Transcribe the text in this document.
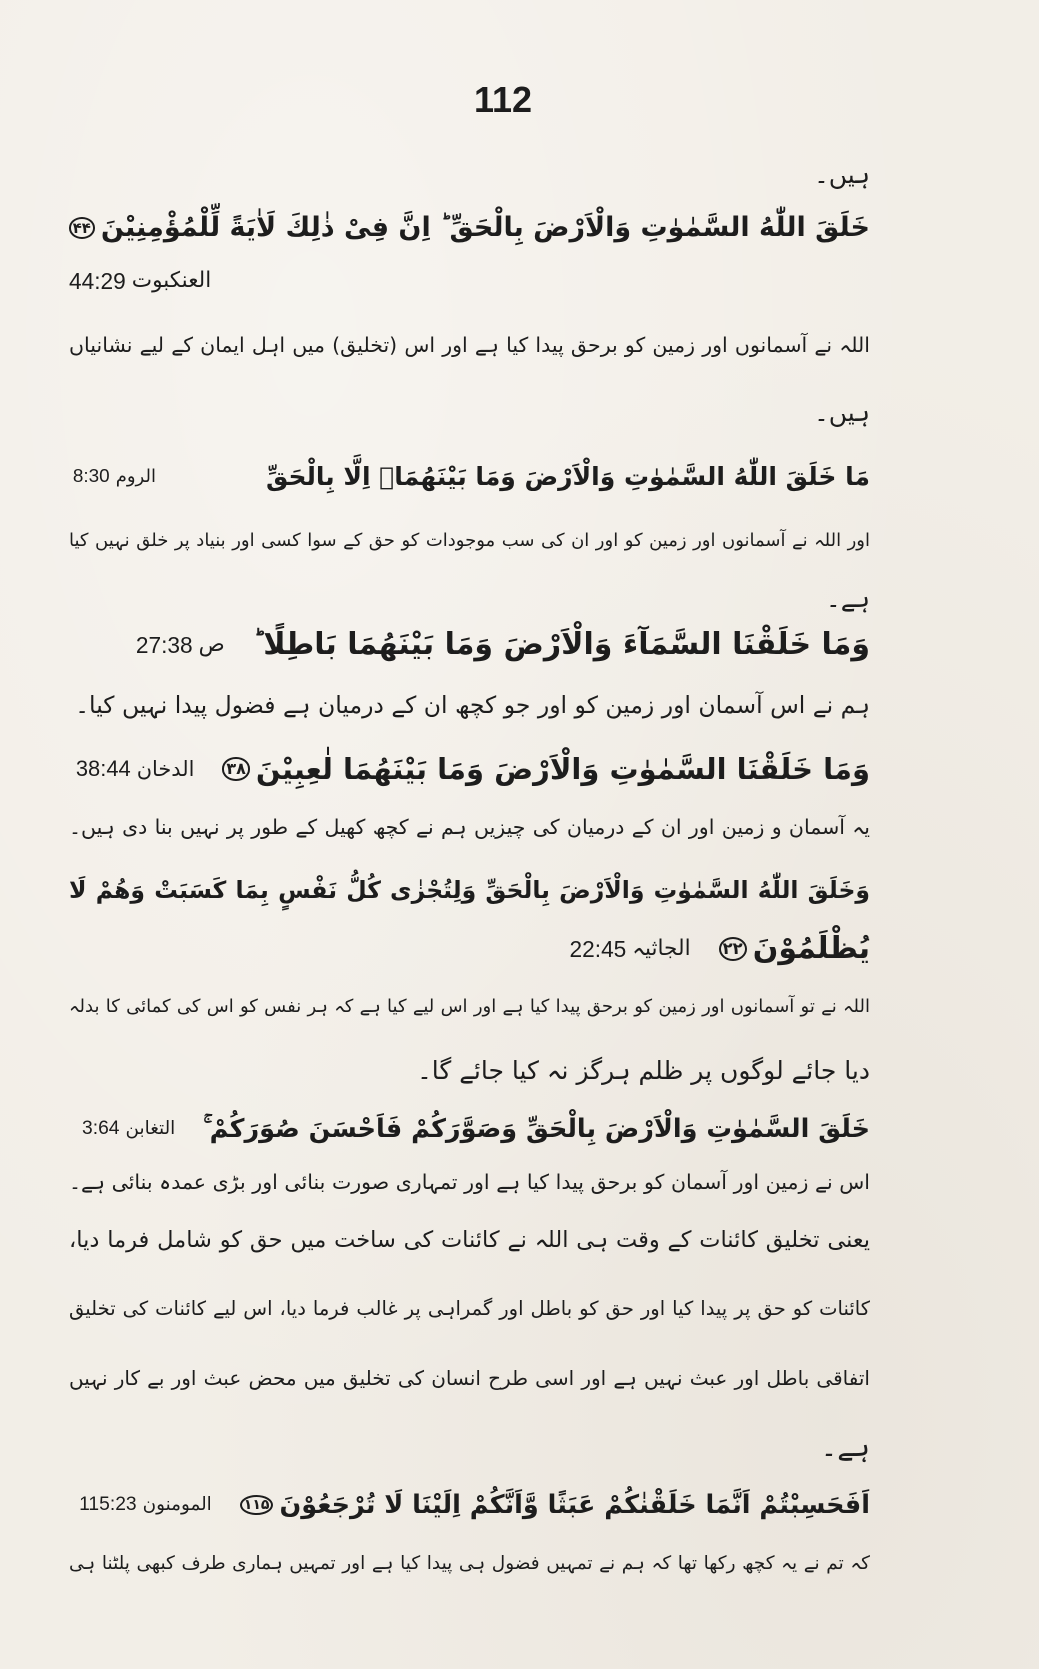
112
ہیں۔
خَلَقَ اللّٰهُ السَّمٰوٰتِ وَالْاَرْضَ بِالْحَقِّ ؕ اِنَّ فِیْ ذٰلِكَ لَاٰیَةً لِّلْمُؤْمِنِیْنَ
۴۴
العنکبوت
44:29
اللہ نے آسمانوں اور زمین کو برحق پیدا کیا ہے اور اس (تخلیق) میں اہل ایمان کے لیے نشانیاں
ہیں۔
مَا خَلَقَ اللّٰهُ السَّمٰوٰتِ وَالْاَرْضَ وَمَا بَیْنَهُمَاۤ اِلَّا بِالْحَقِّ
الروم
8:30
اور اللہ نے آسمانوں اور زمین کو اور ان کی سب موجودات کو حق کے سوا کسی اور بنیاد پر خلق نہیں کیا
ہے۔
وَمَا خَلَقْنَا السَّمَآءَ وَالْاَرْضَ وَمَا بَیْنَهُمَا بَاطِلًا ؕ
ص
27:38
ہم نے اس آسمان اور زمین کو اور جو کچھ ان کے درمیان ہے فضول پیدا نہیں کیا۔
وَمَا خَلَقْنَا السَّمٰوٰتِ وَالْاَرْضَ وَمَا بَیْنَهُمَا لٰعِبِیْنَ
۳۸
الدخان
38:44
یہ آسمان و زمین اور ان کے درمیان کی چیزیں ہم نے کچھ کھیل کے طور پر نہیں بنا دی ہیں۔
وَخَلَقَ اللّٰهُ السَّمٰوٰتِ وَالْاَرْضَ بِالْحَقِّ وَلِتُجْزٰی كُلُّ نَفْسٍ بِمَا كَسَبَتْ وَهُمْ لَا
یُظْلَمُوْنَ
۲۲
الجاثیہ
22:45
اللہ نے تو آسمانوں اور زمین کو برحق پیدا کیا ہے اور اس لیے کیا ہے کہ ہر نفس کو اس کی کمائی کا بدلہ
دیا جائے لوگوں پر ظلم ہرگز نہ کیا جائے گا۔
خَلَقَ السَّمٰوٰتِ وَالْاَرْضَ بِالْحَقِّ وَصَوَّرَكُمْ فَاَحْسَنَ صُوَرَكُمْ ۚ
التغابن
3:64
اس نے زمین اور آسمان کو برحق پیدا کیا ہے اور تمہاری صورت بنائی اور بڑی عمدہ بنائی ہے۔
یعنی تخلیق کائنات کے وقت ہی اللہ نے کائنات کی ساخت میں حق کو شامل فرما دیا،
کائنات کو حق پر پیدا کیا اور حق کو باطل اور گمراہی پر غالب فرما دیا، اس لیے کائنات کی تخلیق
اتفاقی باطل اور عبث نہیں ہے اور اسی طرح انسان کی تخلیق میں محض عبث اور بے کار نہیں
ہے۔
اَفَحَسِبْتُمْ اَنَّمَا خَلَقْنٰكُمْ عَبَثًا وَّاَنَّكُمْ اِلَیْنَا لَا تُرْجَعُوْنَ
۱۱۵
المومنون
115:23
کہ تم نے یہ کچھ رکھا تھا کہ ہم نے تمہیں فضول ہی پیدا کیا ہے اور تمہیں ہماری طرف کبھی پلٹنا ہی
